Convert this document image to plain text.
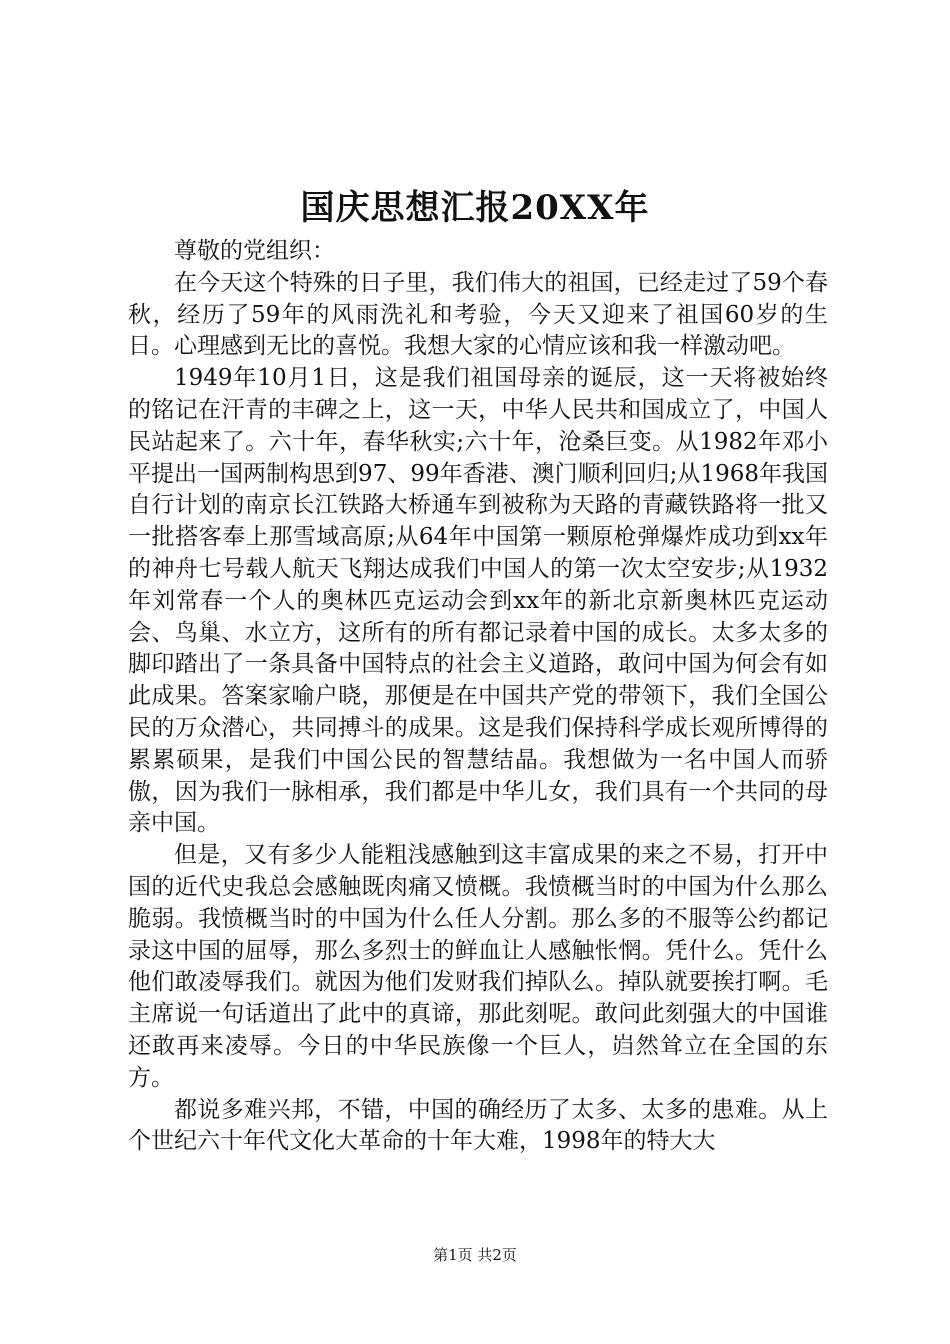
国庆思想汇报20XX年

尊敬的党组织：

在今天这个特殊的日子里，我们伟大的祖国，已经走过了59个春秋，经历了59年的风雨洗礼和考验，今天又迎来了祖国60岁的生日。心理感到无比的喜悦。我想大家的心情应该和我一样激动吧。

1949年10月1日，这是我们祖国母亲的诞辰，这一天将被始终的铭记在汗青的丰碑之上，这一天，中华人民共和国成立了，中国人民站起来了。六十年，春华秋实;六十年，沧桑巨变。从1982年邓小平提出一国两制构思到97、99年香港、澳门顺利回归;从1968年我国自行计划的南京长江铁路大桥通车到被称为天路的青藏铁路将一批又一批搭客奉上那雪域高原;从64年中国第一颗原枪弹爆炸成功到xx年的神舟七号载人航天飞翔达成我们中国人的第一次太空安步;从1932年刘常春一个人的奥林匹克运动会到xx年的新北京新奥林匹克运动会、鸟巢、水立方，这所有的所有都记录着中国的成长。太多太多的脚印踏出了一条具备中国特点的社会主义道路，敢问中国为何会有如此成果。答案家喻户晓，那便是在中国共产党的带领下，我们全国公民的万众潜心，共同搏斗的成果。这是我们保持科学成长观所博得的累累硕果，是我们中国公民的智慧结晶。我想做为一名中国人而骄傲，因为我们一脉相承，我们都是中华儿女，我们具有一个共同的母亲中国。

但是，又有多少人能粗浅感触到这丰富成果的来之不易，打开中国的近代史我总会感触既肉痛又愤概。我愤概当时的中国为什么那么脆弱。我愤概当时的中国为什么任人分割。那么多的不服等公约都记录这中国的屈辱，那么多烈士的鲜血让人感触怅惘。凭什么。凭什么他们敢凌辱我们。就因为他们发财我们掉队么。掉队就要挨打啊。毛主席说一句话道出了此中的真谛，那此刻呢。敢问此刻强大的中国谁还敢再来凌辱。今日的中华民族像一个巨人，岿然耸立在全国的东方。

都说多难兴邦，不错，中国的确经历了太多、太多的患难。从上个世纪六十年代文化大革命的十年大难，1998年的特大大

第1页 共2页
